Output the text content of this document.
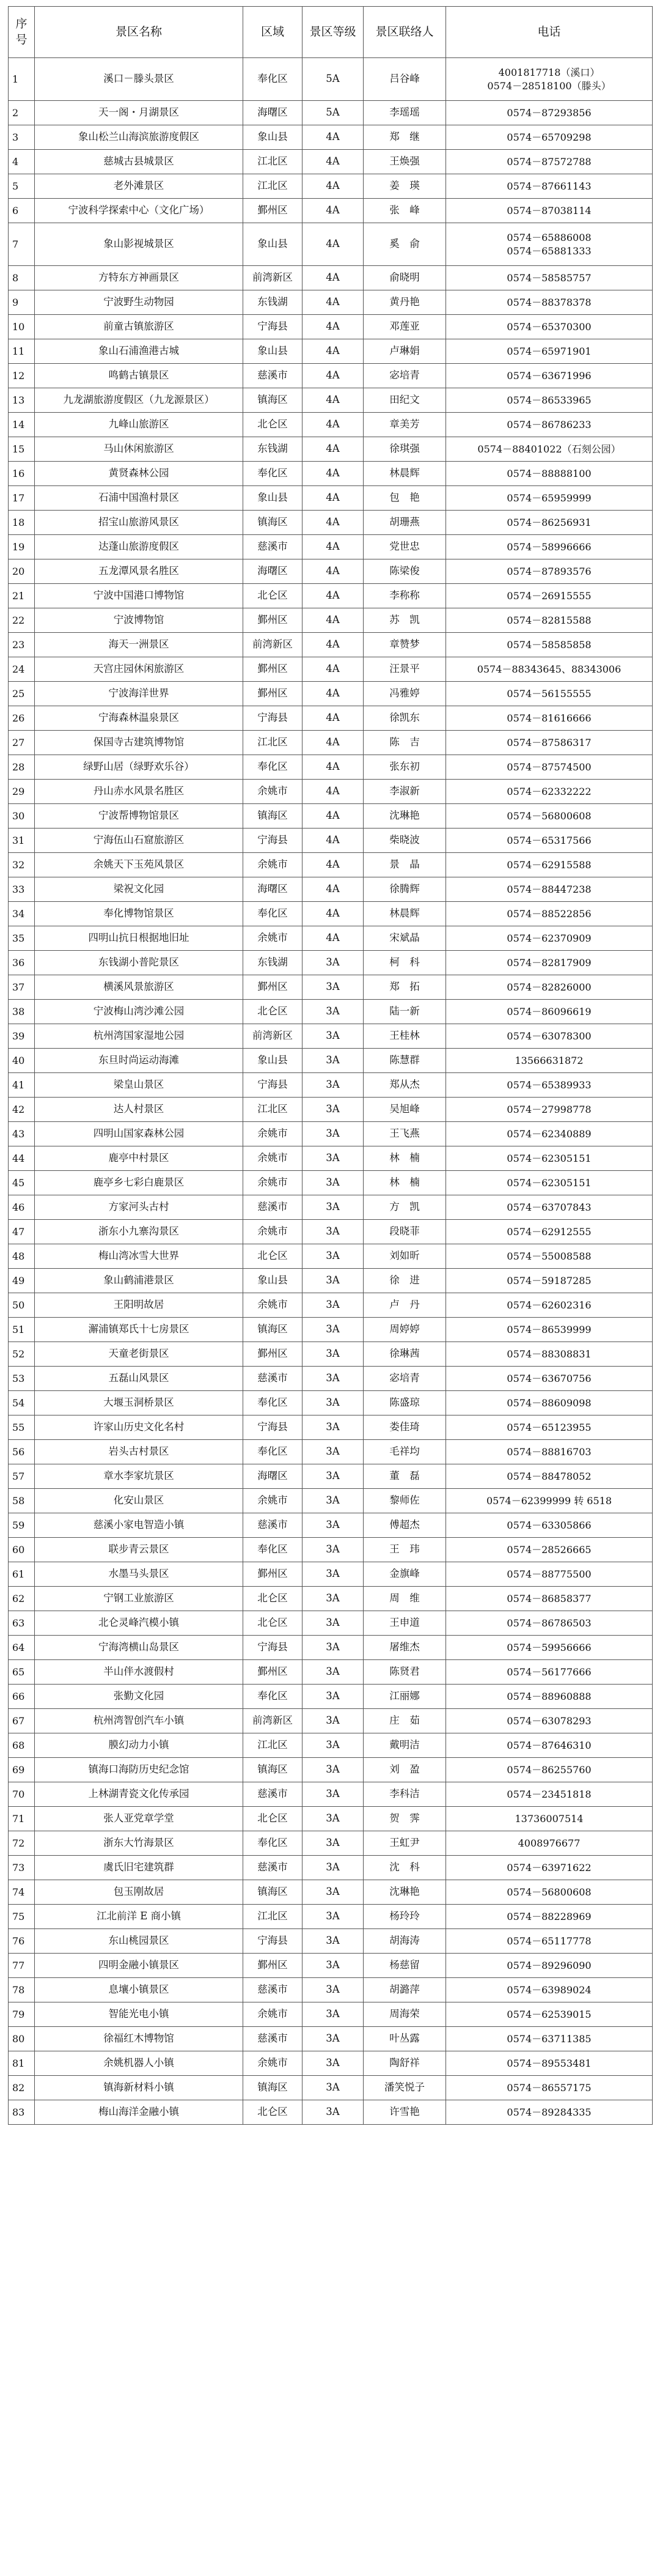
序号	景区名称	区域	景区等级	景区联络人	电话
1	溪口－滕头景区	奉化区	5A	吕谷峰	4001817718（溪口）
0574－28518100（滕头）

2	天一阁・月湖景区	海曙区	5A	李瑶瑶	0574－87293856

3	象山松兰山海滨旅游度假区	象山县	4A	郑　继	0574－65709298

4	慈城古县城景区	江北区	4A	王焕强	0574－87572788

5	老外滩景区	江北区	4A	姜　瑛	0574－87661143

6	宁波科学探索中心（文化广场）	鄞州区	4A	张　峰	0574－87038114

7	象山影视城景区	象山县	4A	奚　俞	0574－65886008
0574－65881333

8	方特东方神画景区	前湾新区	4A	俞晓明	0574－58585757

9	宁波野生动物园	东钱湖	4A	黄丹艳	0574－88378378

10	前童古镇旅游区	宁海县	4A	邓莲亚	0574－65370300

11	象山石浦渔港古城	象山县	4A	卢琳娟	0574－65971901

12	鸣鹤古镇景区	慈溪市	4A	宓培青	0574－63671996

13	九龙湖旅游度假区（九龙源景区）	镇海区	4A	田纪文	0574－86533965

14	九峰山旅游区	北仑区	4A	章美芳	0574－86786233

15	马山休闲旅游区	东钱湖	4A	徐琪强	0574－88401022（石刻公园）

16	黄贤森林公园	奉化区	4A	林晨辉	0574－88888100

17	石浦中国渔村景区	象山县	4A	包　艳	0574－65959999

18	招宝山旅游风景区	镇海区	4A	胡珊燕	0574－86256931

19	达蓬山旅游度假区	慈溪市	4A	党世忠	0574－58996666

20	五龙潭风景名胜区	海曙区	4A	陈梁俊	0574－87893576

21	宁波中国港口博物馆	北仑区	4A	李称称	0574－26915555

22	宁波博物馆	鄞州区	4A	苏　凯	0574－82815588

23	海天一洲景区	前湾新区	4A	章赞梦	0574－58585858

24	天宫庄园休闲旅游区	鄞州区	4A	汪景平	0574－88343645、88343006

25	宁波海洋世界	鄞州区	4A	冯雅婷	0574－56155555

26	宁海森林温泉景区	宁海县	4A	徐凯东	0574－81616666

27	保国寺古建筑博物馆	江北区	4A	陈　吉	0574－87586317

28	绿野山居（绿野欢乐谷）	奉化区	4A	张东初	0574－87574500

29	丹山赤水风景名胜区	余姚市	4A	李淑新	0574－62332222

30	宁波帮博物馆景区	镇海区	4A	沈琳艳	0574－56800608

31	宁海伍山石窟旅游区	宁海县	4A	柴晓波	0574－65317566

32	余姚天下玉苑风景区	余姚市	4A	景　晶	0574－62915588

33	梁祝文化园	海曙区	4A	徐腾辉	0574－88447238

34	奉化博物馆景区	奉化区	4A	林晨辉	0574－88522856

35	四明山抗日根据地旧址	余姚市	4A	宋斌晶	0574－62370909

36	东钱湖小普陀景区	东钱湖	3A	柯　科	0574－82817909

37	横溪风景旅游区	鄞州区	3A	郑　拓	0574－82826000

38	宁波梅山湾沙滩公园	北仑区	3A	陆一新	0574－86096619

39	杭州湾国家湿地公园	前湾新区	3A	王桂林	0574－63078300

40	东旦时尚运动海滩	象山县	3A	陈慧群	13566631872

41	梁皇山景区	宁海县	3A	郑从杰	0574－65389933

42	达人村景区	江北区	3A	吴旭峰	0574－27998778

43	四明山国家森林公园	余姚市	3A	王飞燕	0574－62340889

44	鹿亭中村景区	余姚市	3A	林　楠	0574－62305151

45	鹿亭乡七彩白鹿景区	余姚市	3A	林　楠	0574－62305151

46	方家河头古村	慈溪市	3A	方　凯	0574－63707843

47	浙东小九寨沟景区	余姚市	3A	段晓菲	0574－62912555

48	梅山湾冰雪大世界	北仑区	3A	刘如昕	0574－55008588

49	象山鹤浦港景区	象山县	3A	徐　进	0574－59187285

50	王阳明故居	余姚市	3A	卢　丹	0574－62602316

51	澥浦镇郑氏十七房景区	镇海区	3A	周婷婷	0574－86539999

52	天童老街景区	鄞州区	3A	徐琳茜	0574－88308831

53	五磊山风景区	慈溪市	3A	宓培青	0574－63670756

54	大堰玉洞桥景区	奉化区	3A	陈盛琼	0574－88609098

55	许家山历史文化名村	宁海县	3A	娄佳琦	0574－65123955

56	岩头古村景区	奉化区	3A	毛祥均	0574－88816703

57	章水李家坑景区	海曙区	3A	董　磊	0574－88478052

58	化安山景区	余姚市	3A	黎师佐	0574－62399999 转 6518

59	慈溪小家电智造小镇	慈溪市	3A	傅超杰	0574－63305866

60	联步青云景区	奉化区	3A	王　玮	0574－28526665

61	水墨马头景区	鄞州区	3A	金旗峰	0574－88775500

62	宁钢工业旅游区	北仑区	3A	周　维	0574－86858377

63	北仑灵峰汽模小镇	北仑区	3A	王申道	0574－86786503

64	宁海湾横山岛景区	宁海县	3A	屠维杰	0574－59956666

65	半山伴水渡假村	鄞州区	3A	陈贤君	0574－56177666

66	张勤文化园	奉化区	3A	江丽娜	0574－88960888

67	杭州湾智创汽车小镇	前湾新区	3A	庄　茹	0574－63078293

68	膜幻动力小镇	江北区	3A	戴明洁	0574－87646310

69	镇海口海防历史纪念馆	镇海区	3A	刘　盈	0574－86255760

70	上林湖青瓷文化传承园	慈溪市	3A	李科洁	0574－23451818

71	张人亚党章学堂	北仑区	3A	贺　霁	13736007514

72	浙东大竹海景区	奉化区	3A	王虹尹	4008976677

73	虞氏旧宅建筑群	慈溪市	3A	沈　科	0574－63971622

74	包玉刚故居	镇海区	3A	沈琳艳	0574－56800608

75	江北前洋 E 商小镇	江北区	3A	杨玲玲	0574－88228969

76	东山桃园景区	宁海县	3A	胡海涛	0574－65117778

77	四明金融小镇景区	鄞州区	3A	杨慈留	0574－89296090

78	息壤小镇景区	慈溪市	3A	胡潞萍	0574－63989024

79	智能光电小镇	余姚市	3A	周海荣	0574－62539015

80	徐福红木博物馆	慈溪市	3A	叶丛露	0574－63711385

81	余姚机器人小镇	余姚市	3A	陶舒祥	0574－89553481

82	镇海新材料小镇	镇海区	3A	潘笑悦子	0574－86557175

83	梅山海洋金融小镇	北仑区	3A	许雪艳	0574－89284335
